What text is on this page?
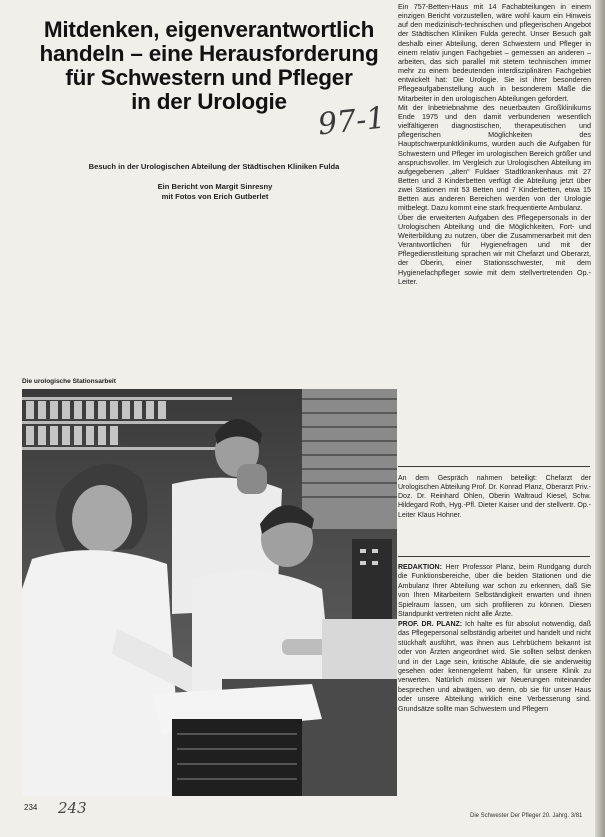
Mitdenken, eigenverantwortlich
handeln – eine Herausforderung
für Schwestern und Pfleger
in der Urologie 97-1
Besuch in der Urologischen Abteilung der Städtischen Kliniken Fulda
Ein Bericht von Margit Sinresny
mit Fotos von Erich Gutberlet
Die urologische Stationsarbeit

Ein 757-Betten-Haus mit 14 Fachabteilungen in einem einzigen Bericht vorzustellen, wäre wohl kaum ein Hinweis auf den medizinisch-technischen und pflegerischen Angebot der Städtischen Kliniken Fulda gerecht. Unser Besuch galt deshalb einer Abteilung, deren Schwestern und Pfleger in einem relativ jungen Fachgebiet – gemessen an anderen – arbeiten, das sich parallel mit stetem technischen immer mehr zu einem bedeutenden interdisziplinären Fachgebiet entwickelt hat: Die Urologie. Sie ist ihrer besonderen Pflegeaufgabenstellung auch in besonderem Maße die Mitarbeiter in den urologischen Abteilungen gefordert.

Mit der Inbetriebnahme des neuerbauten Großklinikums Ende 1975 und den damit verbundenen wesentlich vielfältigeren diagnostischen, therapeutischen und pflegerischen Möglichkeiten des Hauptschwerpunktklinikums, wurden auch die Aufgaben für Schwestern und Pfleger im urologischen Bereich größer und anspruchsvoller. Im Vergleich zur Urologischen Abteilung im aufgegebenen „alten“ Fuldaer Stadtkrankenhaus mit 27 Betten und 3 Kinderbetten verfügt die Abteilung jetzt über zwei Stationen mit 53 Betten und 7 Kinderbetten, etwa 15 Betten aus anderen Bereichen werden von der Urologie mitbelegt. Dazu kommt eine stark frequentierte Ambulanz.

Über die erweiterten Aufgaben des Pflegepersonals in der Urologischen Abteilung und die Möglichkeiten, Fort- und Weiterbildung zu nutzen, über die Zusammenarbeit mit den Verantwortlichen für Hygienefragen und mit der Pflegedienstleitung sprachen wir mit Chefarzt und Oberarzt, der Oberin, einer Stationsschwester, mit dem Hygienefachpfleger sowie mit dem stellvertretenden Op.-Leiter.

An dem Gespräch nahmen beteiligt: Chefarzt der Urologischen Abteilung Prof. Dr. Konrad Planz, Oberarzt Priv.-Doz. Dr. Reinhard Ohlen, Oberin Waltraud Kiesel, Schw. Hildegard Roth, Hyg.-Pfl. Dieter Kaiser und der stellvertr. Op.-Leiter Klaus Hohner.

REDAKTION: Herr Professor Planz, beim Rundgang durch die Funktionsbereiche, über die beiden Stationen und die Ambulanz Ihrer Abteilung war schon zu erkennen, daß Sie von Ihren Mitarbeitern Selbständigkeit erwarten und ihnen Spielraum lassen, um sich profilieren zu können. Diesen Standpunkt vertreten nicht alle Ärzte.

PROF. DR. PLANZ: Ich halte es für absolut notwendig, daß das Pflegepersonal selbständig arbeitet und handelt und nicht stückhaft ausführt, was ihnen aus Lehrbüchern bekannt ist oder von Ärzten angeordnet wird. Sie sollten selbst denken und in der Lage sein, kritische Abläufe, die sie anderweitig gesehen oder kennengelernt haben, für unsere Klinik zu verwerten. Natürlich müssen wir Neuerungen miteinander besprechen und abwägen, wo denn, ob sie für unser Haus oder unsere Abteilung wirklich eine Verbesserung sind. Grundsätze sollte man Schwestern und Pflegern

234 243	Die Schwester Der Pfleger 20. Jahrg. 3/81
